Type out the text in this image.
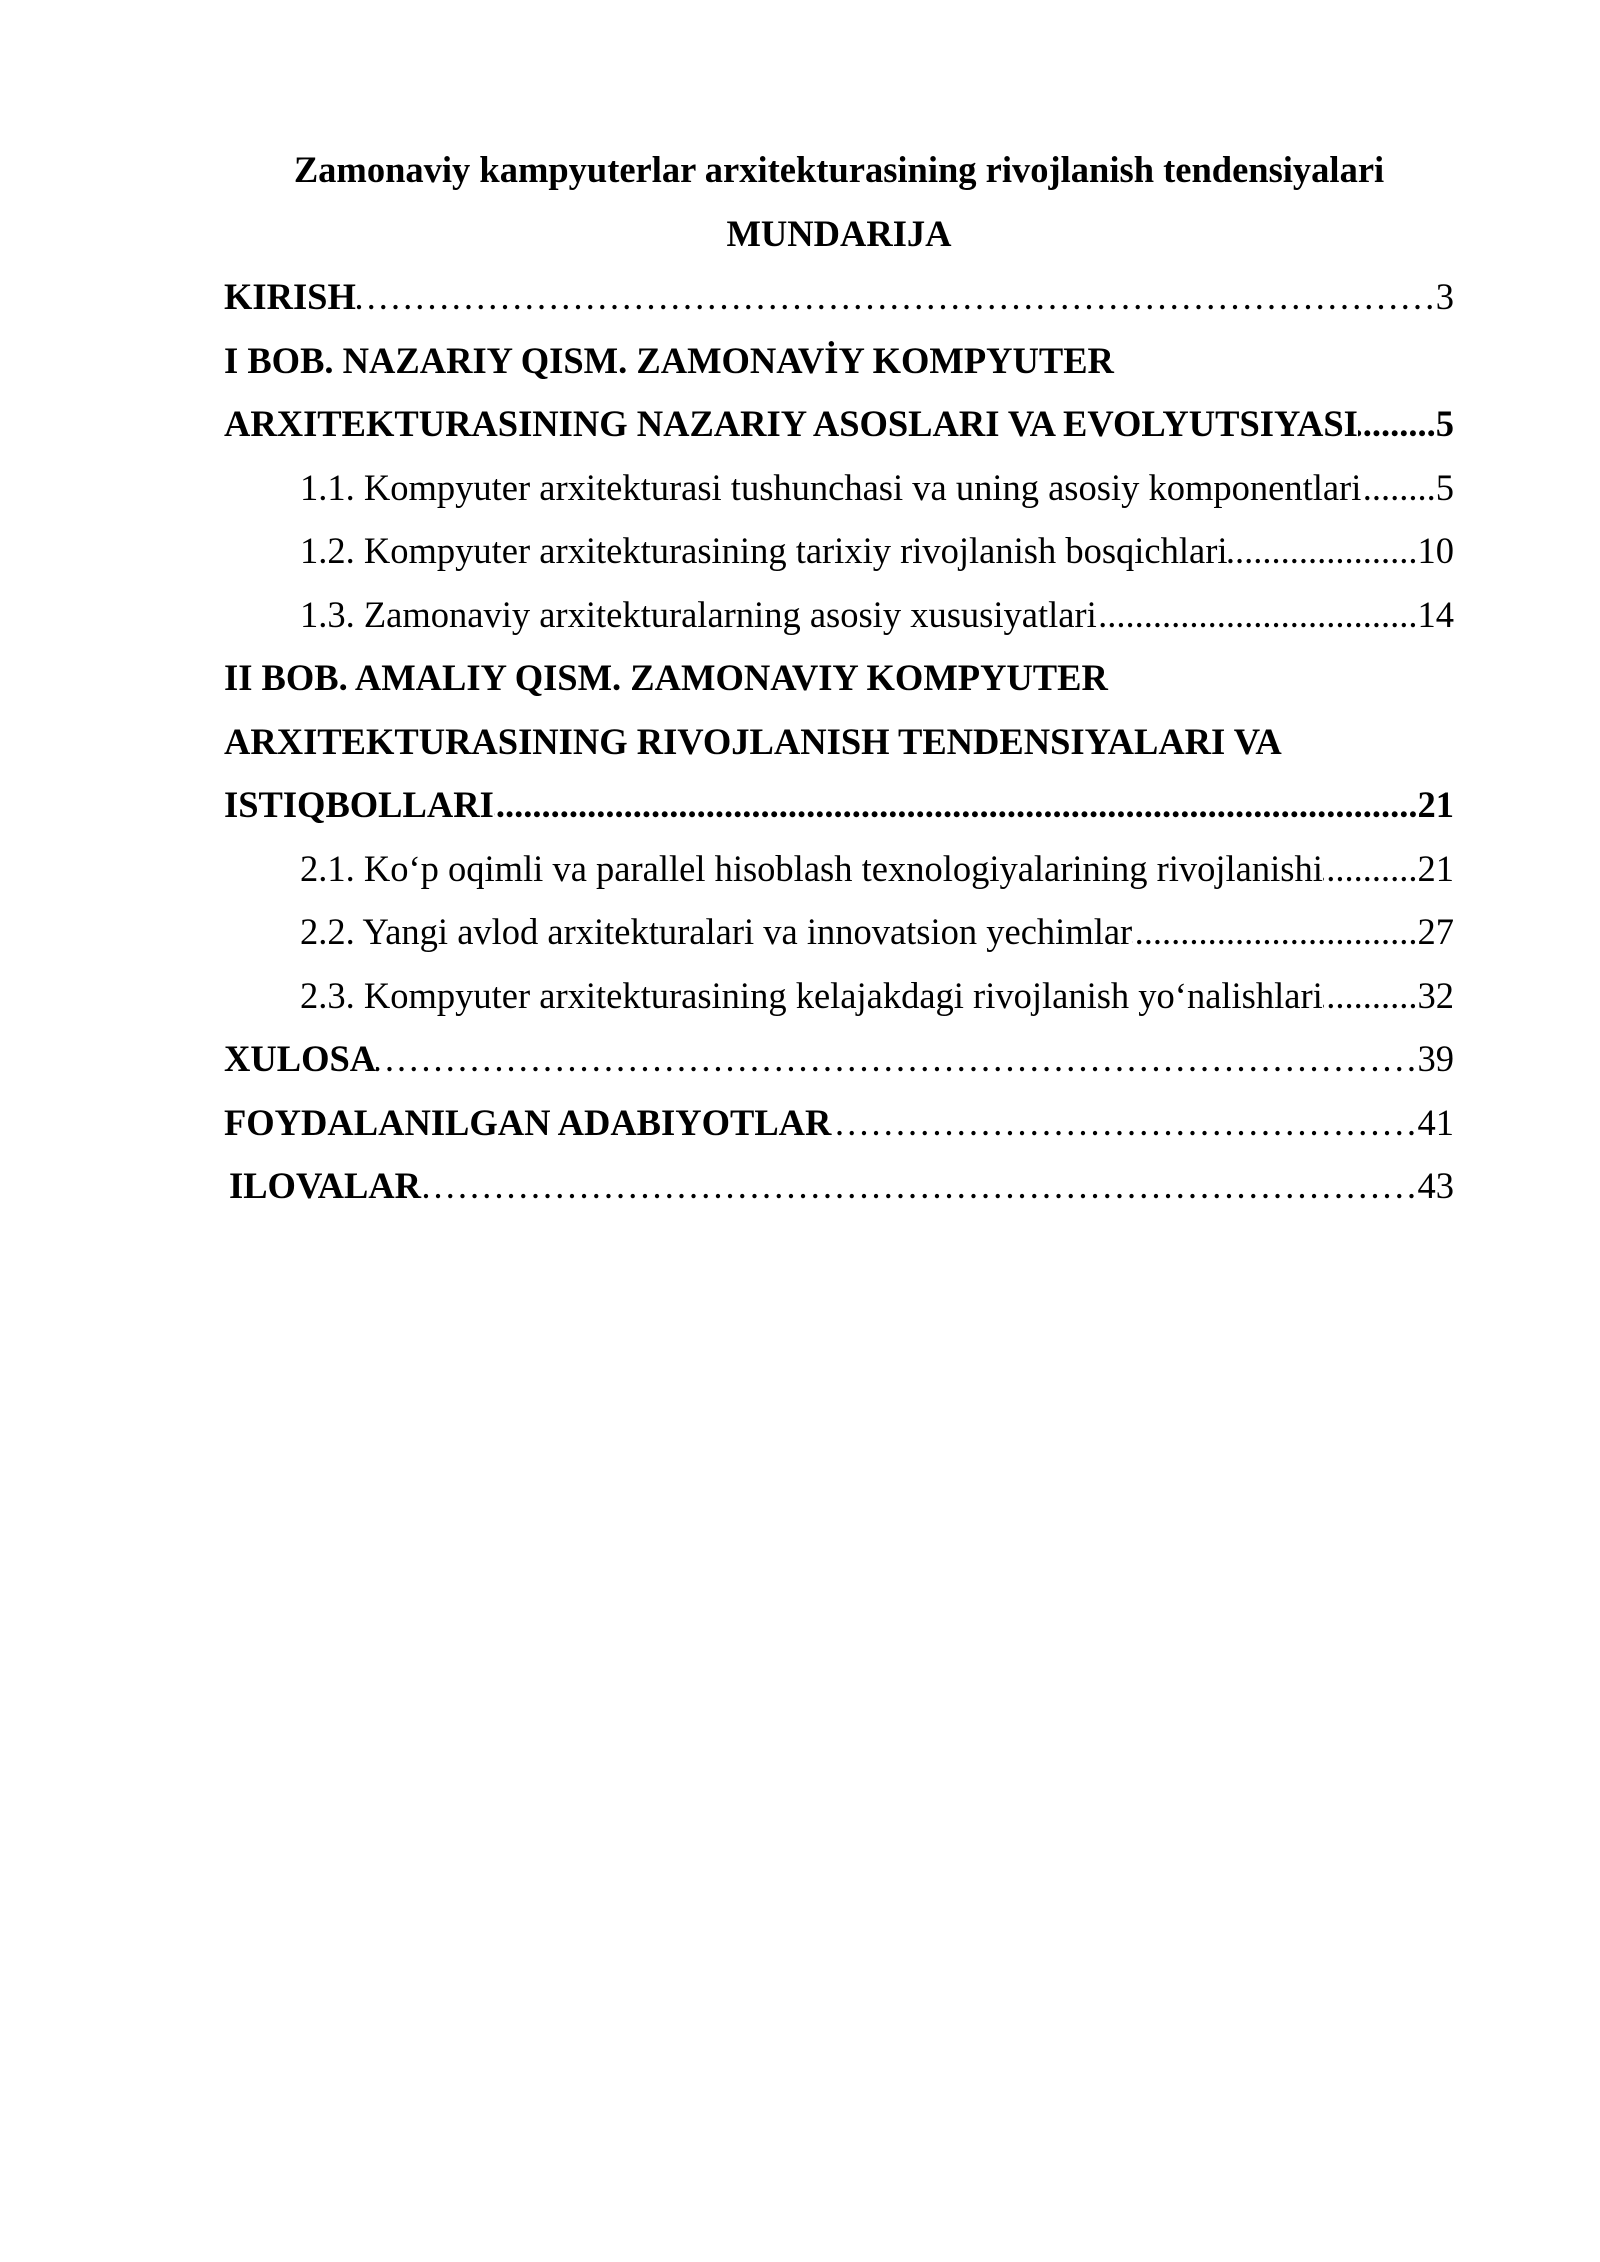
Zamonaviy kampyuterlar arxitekturasining rivojlanish tendensiyalari
MUNDARIJA
KIRISH ………………………………………………………………………………………………………………………………………………………………………………………………………………………………	3
I BOB. NAZARIY QISM. ZAMONAVİY KOMPYUTER
ARXITEKTURASINING NAZARIY ASOSLARI VA EVOLYUTSIYASI ..... 5
1.1. Kompyuter arxitekturasi tushunchasi va uning asosiy komponentlari ..... 5
1.2. Kompyuter arxitekturasining tarixiy rivojlanish bosqichlari .....	10
1.3. Zamonaviy arxitekturalarning asosiy xususiyatlari .....	14
II BOB. AMALIY QISM. ZAMONAVIY KOMPYUTER
ARXITEKTURASINING RIVOJLANISH TENDENSIYALARI VA
ISTIQBOLLARI .....	21
2.1. Ko‘p oqimli va parallel hisoblash texnologiyalarining rivojlanishi .....	21
2.2. Yangi avlod arxitekturalari va innovatsion yechimlar .....	27
2.3. Kompyuter arxitekturasining kelajakdagi rivojlanish yo‘nalishlari .....	32
XULOSA ………………………………………………………………………………………………………………………………………………………………………………………………………………………………	39
FOYDALANILGAN ADABIYOTLAR ………………………………………………………………………………………………………………………………………………………………………………………………………………………………	41
ILOVALAR ………………………………………………………………………………………………………………………………………………………………………………………………………………………………	43
